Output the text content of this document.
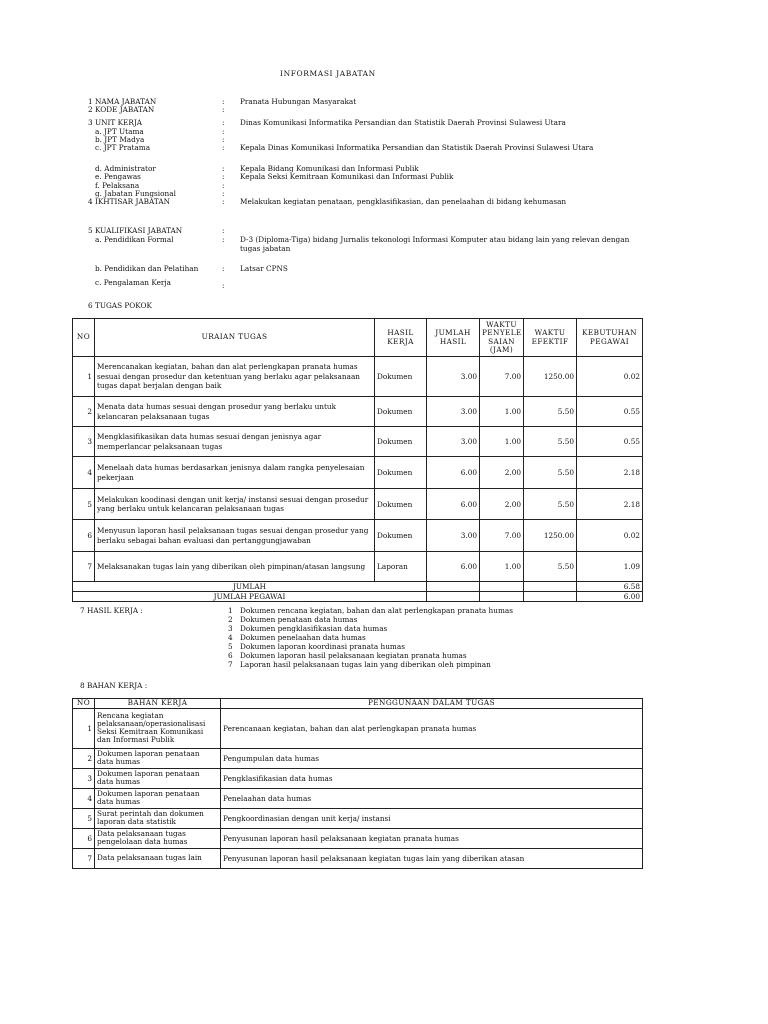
INFORMASI JABATAN
1 NAMA JABATAN	: Pranata Hubungan Masyarakat
2 KODE JABATAN	:
3 UNIT KERJA	: Dinas Komunikasi Informatika Persandian dan Statistik Daerah Provinsi Sulawesi Utara
a. JPT Utama	:
b. JPT Madya	:
c. JPT Pratama	: Kepala Dinas Komunikasi Informatika Persandian dan Statistik Daerah Provinsi Sulawesi Utara
d. Administrator	: Kepala Bidang Komunikasi dan Informasi Publik
e. Pengawas	: Kepala Seksi Kemitraan Komunikasi dan Informasi Publik
f. Pelaksana	:
g. Jabatan Fungsional	:
4 IKHTISAR JABATAN	: Melakukan kegiatan penataan, pengklasifikasian, dan penelaahan di bidang kehumasan
5 KUALIFIKASI JABATAN	:
a. Pendidikan Formal	: D-3 (Diploma-Tiga) bidang Jurnalis tekonologi Informasi Komputer atau bidang lain yang relevan dengan tugas jabatan
b. Pendidikan dan Pelatihan	: Latsar CPNS
c. Pengalaman Kerja	:
6 TUGAS POKOK
NO	URAIAN TUGAS	HASIL KERJA	JUMLAH HASIL	WAKTU PENYELE SAIAN (JAM)	WAKTU EFEKTIF	KEBUTUHAN PEGAWAI
1	Merencanakan kegiatan, bahan dan alat perlengkapan pranata humas sesuai dengan prosedur dan ketentuan yang berlaku agar pelaksanaan tugas dapat berjalan dengan baik	Dokumen	3.00	7.00	1250.00	0.02
2	Menata data humas sesuai dengan prosedur yang berlaku untuk kelancaran pelaksanaan tugas	Dokumen	3.00	1.00	5.50	0.55
3	Mengklasifikasikan data humas sesuai dengan jenisnya agar memperlancar pelaksanaan tugas	Dokumen	3.00	1.00	5.50	0.55
4	Menelaah data humas berdasarkan jenisnya dalam rangka penyelesaian pekerjaan	Dokumen	6.00	2.00	5.50	2.18
5	Melakukan koodinasi dengan unit kerja/ instansi sesuai dengan prosedur yang berlaku untuk kelancaran pelaksanaan tugas	Dokumen	6.00	2.00	5.50	2.18
6	Menyusun laporan hasil pelaksanaan tugas sesuai dengan prosedur yang berlaku sebagai bahan evaluasi dan pertanggungjawaban	Dokumen	3.00	7.00	1250.00	0.02
7	Melaksanakan tugas lain yang diberikan oleh pimpinan/atasan langsung	Laporan	6.00	1.00	5.50	1.09
JUMLAH						6.58
JUMLAH PEGAWAI						6.00
7 HASIL KERJA :	1 Dokumen rencana kegiatan, bahan dan alat perlengkapan pranata humas
2 Dokumen penataan data humas
3 Dokumen pengklasifikasian data humas
4 Dokumen penelaahan data humas
5 Dokumen laporan koordinasi pranata humas
6 Dokumen laporan hasil pelaksanaan kegiatan pranata humas
7 Laporan hasil pelaksanaan tugas lain yang diberikan oleh pimpinan
8 BAHAN KERJA :
NO	BAHAN KERJA	PENGGUNAAN DALAM TUGAS
1	Rencana kegiatan pelaksanaan/operasionalisasi Seksi Kemitraan Komunikasi dan Informasi Publik	Perencanaan kegiatan, bahan dan alat perlengkapan pranata humas
2	Dokumen laporan penataan data humas	Pengumpulan data humas
3	Dokumen laporan penataan data humas	Pengklasifikasian data humas
4	Dokumen laporan penataan data humas	Penelaahan data humas
5	Surat perintah dan dokumen laporan data statistik	Pengkoordinasian dengan unit kerja/ instansi
6	Data pelaksanaan tugas pengelolaan data humas	Penyusunan laporan hasil pelaksanaan kegiatan pranata humas
7	Data pelaksanaan tugas lain	Penyusunan laporan hasil pelaksanaan kegiatan tugas lain yang diberikan atasan
